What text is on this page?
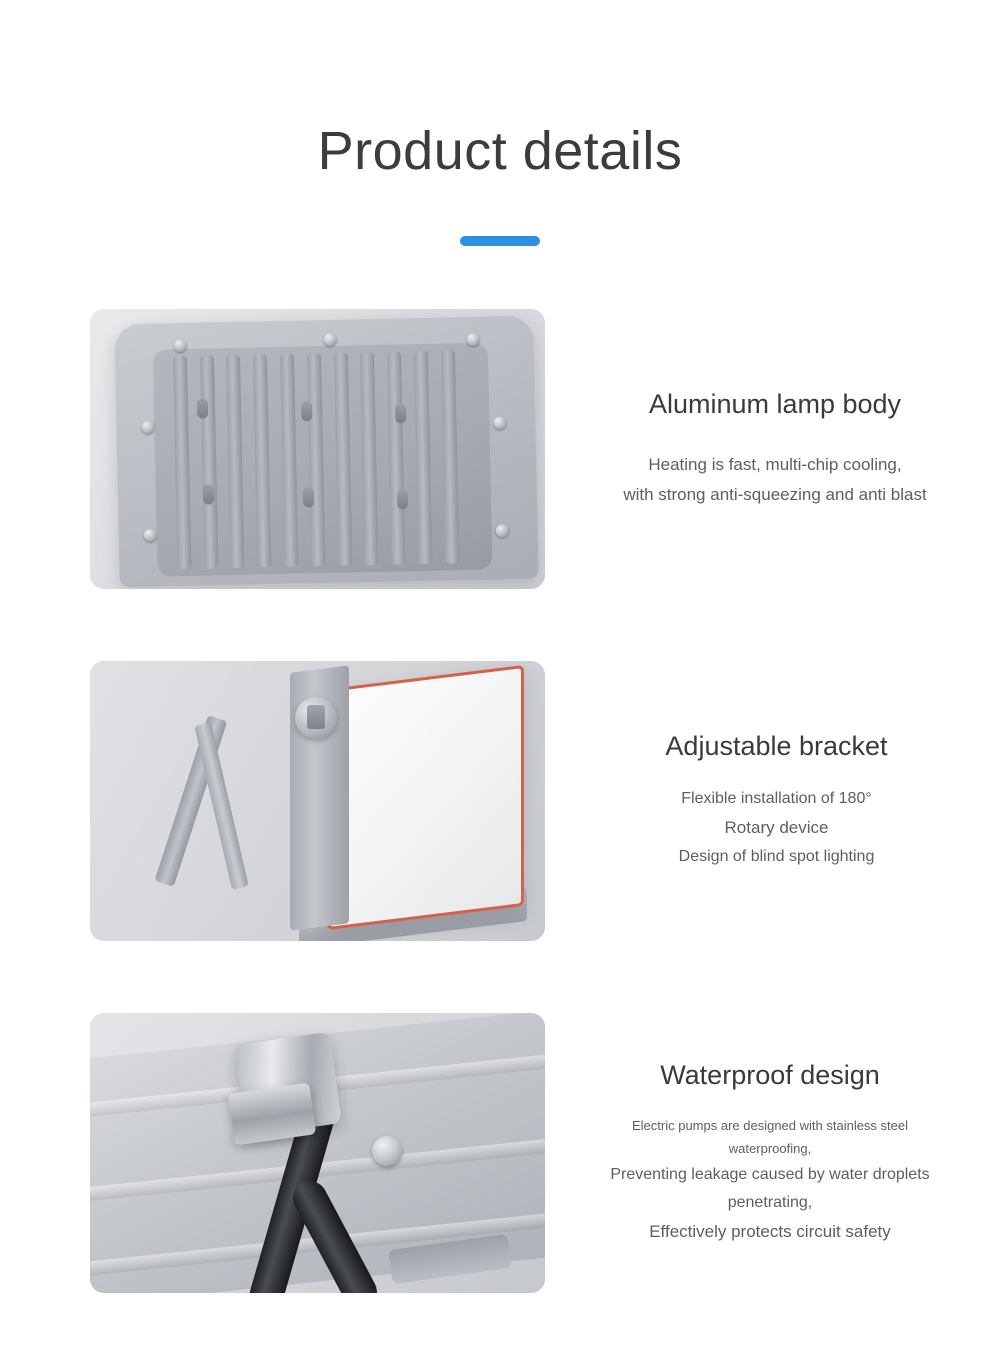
Product details
Aluminum lamp body
Heating is fast, multi-chip cooling,
with strong anti-squeezing and anti blast
Adjustable bracket
Flexible installation of 180°
Rotary device
Design of blind spot lighting
Waterproof design
Electric pumps are designed with stainless steel waterproofing,
Preventing leakage caused by water droplets penetrating,
Effectively protects circuit safety
